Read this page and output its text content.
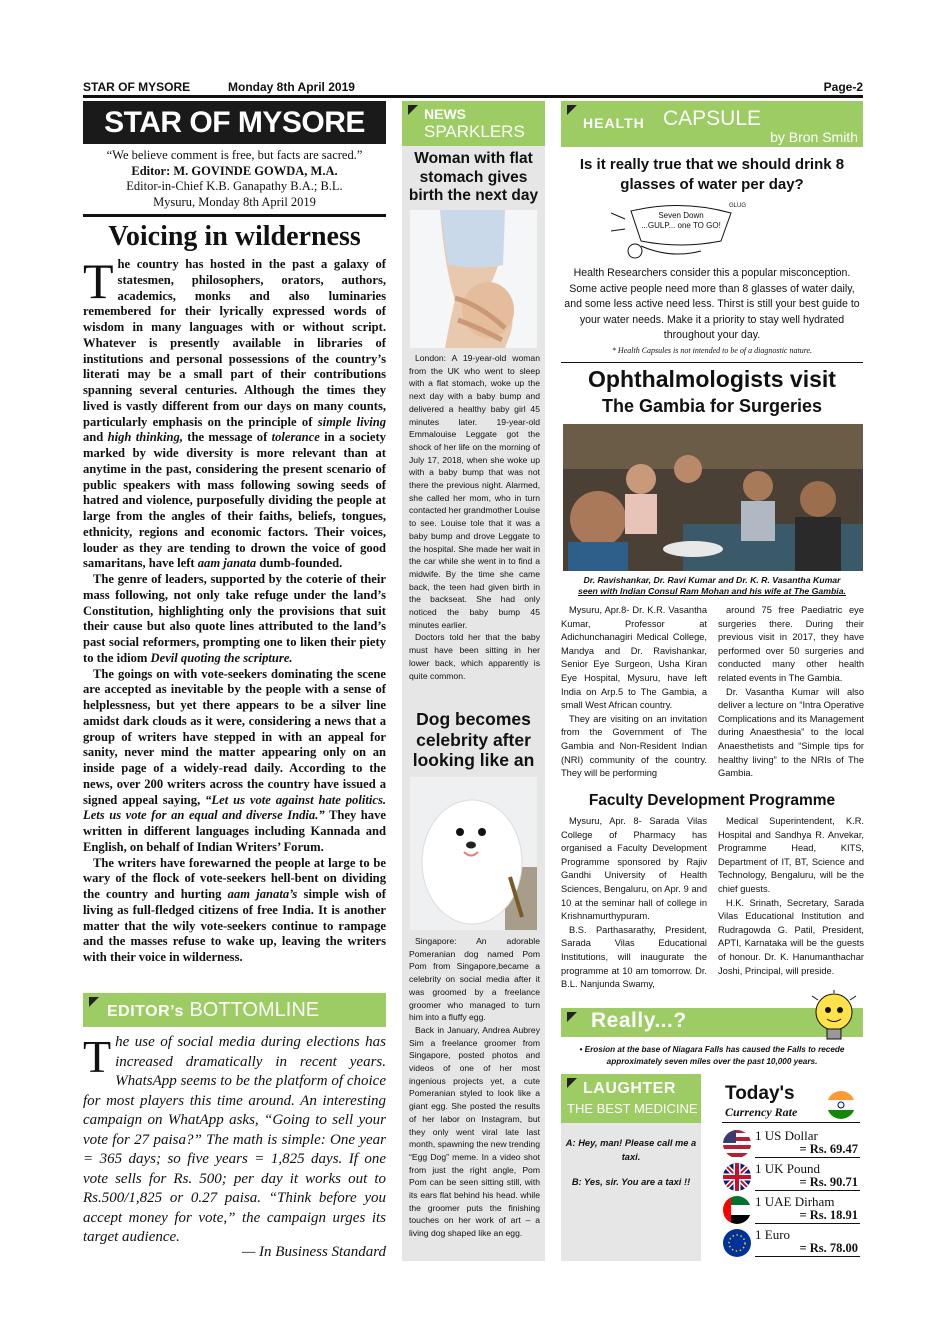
STAR OF MYSORE	Monday 8th April 2019	Page-2
STAR OF MYSORE
“We believe comment is free, but facts are sacred.”
Editor: M. GOVINDE GOWDA, M.A.
Editor-in-Chief K.B. Ganapathy B.A.; B.L.
Mysuru, Monday 8th April 2019
Voicing in wilderness

The country has hosted in the past a galaxy of statesmen, philosophers, orators, authors, academics, monks and also luminaries remembered for their lyrically expressed words of wisdom in many languages with or without script. Whatever is presently available in libraries of institutions and personal possessions of the country’s literati may be a small part of their contributions spanning several centuries. Although the times they lived is vastly different from our days on many counts, particularly emphasis on the principle of simple living and high thinking, the message of tolerance in a society marked by wide diversity is more relevant than at anytime in the past, considering the present scenario of public speakers with mass following sowing seeds of hatred and violence, purposefully dividing the people at large from the angles of their faiths, beliefs, tongues, ethnicity, regions and economic factors. Their voices, louder as they are tending to drown the voice of good samaritans, have left aam janata dumb-founded.

The genre of leaders, supported by the coterie of their mass following, not only take refuge under the land’s Constitution, highlighting only the provisions that suit their cause but also quote lines attributed to the land’s past social reformers, prompting one to liken their piety to the idiom Devil quoting the scripture.

The goings on with vote-seekers dominating the scene are accepted as inevitable by the people with a sense of helplessness, but yet there appears to be a silver line amidst dark clouds as it were, considering a news that a group of writers have stepped in with an appeal for sanity, never mind the matter appearing only on an inside page of a widely-read daily. According to the news, over 200 writers across the country have issued a signed appeal saying, “Let us vote against hate politics. Lets us vote for an equal and diverse India.” They have written in different languages including Kannada and English, on behalf of Indian Writers’ Forum.

The writers have forewarned the people at large to be wary of the flock of vote-seekers hell-bent on dividing the country and hurting aam janata’s simple wish of living as full-fledged citizens of free India. It is another matter that the wily vote-seekers continue to rampage and the masses refuse to wake up, leaving the writers with their voice in wilderness.

EDITOR’s BOTTOMLINE
The use of social media during elections has increased dramatically in recent years. WhatsApp seems to be the platform of choice for most players this time around. An interesting campaign on WhatApp asks, “Going to sell your vote for 27 paisa?” The math is simple: One year = 365 days; so five years = 1,825 days. If one vote sells for Rs. 500; per day it works out to Rs.500/1,825 or 0.27 paisa. “Think before you accept money for vote,” the campaign urges its target audience.
— In Business Standard
NEWS
SPARKLERS
Woman with flat stomach gives birth the next day

London: A 19-year-old woman from the UK who went to sleep with a flat stomach, woke up the next day with a baby bump and delivered a healthy baby girl 45 minutes later. 19-year-old Emmalouise Leggate got the shock of her life on the morning of July 17, 2018, when she woke up with a baby bump that was not there the previous night. Alarmed, she called her mom, who in turn contacted her grandmother Louise to see. Louise tole that it was a baby bump and drove Leggate to the hospital. She made her wait in the car while she went in to find a midwife. By the time she came back, the teen had given birth in the backseat. She had only noticed the baby bump 45 minutes earlier.

Doctors told her that the baby must have been sitting in her lower back, which apparently is quite common.

Dog becomes celebrity after looking like an

Singapore: An adorable Pomeranian dog named Pom Pom from Singapore,became a celebrity on social media after it was groomed by a freelance groomer who managed to turn him into a fluffy egg.

Back in January, Andrea Aubrey Sim a freelance groomer from Singapore, posted photos and videos of one of her most ingenious projects yet, a cute Pomeranian styled to look like a giant egg. She posted the results of her labor on Instagram, but they only went viral late last month, spawning the new trending “Egg Dog” meme. In a video shot from just the right angle, Pom Pom can be seen sitting still, with its ears flat behind his head. while the groomer puts the finishing touches on her work of art – a living dog shaped like an egg.

HEALTH CAPSULE
by Bron Smith
Is it really true that we should drink 8 glasses of water per day?
Seven Down ...GULP... one TO GO!
GLUG
Health Researchers consider this a popular misconception. Some active people need more than 8 glasses of water daily, and some less active need less. Thirst is still your best guide to your water needs. Make it a priority to stay well hydrated throughout your day.
* Health Capsules is not intended to be of a diagnostic nature.
Ophthalmologists visit
The Gambia for Surgeries
Dr. Ravishankar, Dr. Ravi Kumar and Dr. K. R. Vasantha Kumar
seen with Indian Consul Ram Mohan and his wife at The Gambia.

Mysuru, Apr.8- Dr. K.R. Vasantha Kumar, Professor at Adichunchanagiri Medical College, Mandya and Dr. Ravishankar, Senior Eye Surgeon, Usha Kiran Eye Hospital, Mysuru, have left India on Arp.5 to The Gambia, a small West African country.

They are visiting on an invitation from the Government of The Gambia and Non-Resident Indian (NRI) community of the country. They will be performing

around 75 free Paediatric eye surgeries there. During their previous visit in 2017, they have performed over 50 surgeries and conducted many other health related events in The Gambia.

Dr. Vasantha Kumar will also deliver a lecture on “Intra Operative Complications and its Management during Anaesthesia” to the local Anaesthetists and “Simple tips for healthy living” to the NRIs of The Gambia.

Faculty Development Programme

Mysuru, Apr. 8- Sarada Vilas College of Pharmacy has organised a Faculty Development Programme sponsored by Rajiv Gandhi University of Health Sciences, Bengaluru, on Apr. 9 and 10 at the seminar hall of college in Krishnamurthypuram.

B.S. Parthasarathy, President, Sarada Vilas Educational Institutions, will inaugurate the programme at 10 am tomorrow. Dr. B.L. Nanjunda Swamy,

Medical Superintendent, K.R. Hospital and Sandhya R. Anvekar, Programme Head, KITS, Department of IT, BT, Science and Technology, Bengaluru, will be the chief guests.

H.K. Srinath, Secretary, Sarada Vilas Educational Institution and Rudragowda G. Patil, President, APTI, Karnataka will be the guests of honour. Dr. K. Hanumanthachar Joshi, Principal, will preside.

Really...?
• Erosion at the base of Niagara Falls has caused the Falls to recede approximately seven miles over the past 10,000 years.
LAUGHTER
THE BEST MEDICINE
A: Hey, man! Please call me a taxi.
B: Yes, sir. You are a taxi !!
Today's
Currency Rate
1 US Dollar
= Rs. 69.47
1 UK Pound
= Rs. 90.71
1 UAE Dirham
= Rs. 18.91
1 Euro
= Rs. 78.00
